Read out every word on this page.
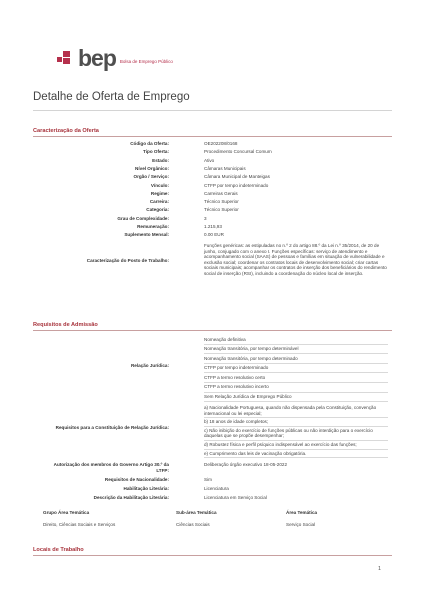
bep Bolsa de Emprego Público
Detalhe de Oferta de Emprego
Caracterização da Oferta
Código da Oferta:	OE202208/0168
Tipo Oferta:	Procedimento Concursal Comum
Estado:	Ativo
Nível Orgânico:	Câmaras Municipais
Orgão / Serviço:	Câmara Municipal de Manteigas
Vínculo:	CTFP por tempo indeterminado
Regime:	Carreiras Gerais
Carreira:	Técnico Superior
Categoria:	Técnico Superior
Grau de Complexidade:	3
Remuneração:	1.215,93
Suplemento Mensal:	0.00 EUR
Caracterização do Posto de Trabalho:
Funções genéricas: as estipuladas no n.º 2 do artigo 88.º da Lei n.º 35/2014, de 20 de junho, conjugado com o anexo I. Funções específicas: serviço de atendimento e acompanhamento social (SAAS) de pessoas e famílias em situação de vulnerabilidade e exclusão social; coordenar os contratos locais de desenvolvimento social; criar cartas sociais municipais; acompanhar os contratos de inserção dos beneficiários do rendimento social de inserção (RSI), incluindo a coordenação do núcleo local de inserção.
Requisitos de Admissão
Relação Jurídica:
Nomeação definitiva
Nomeação transitória, por tempo determinável
Nomeação transitória, por tempo determinado
CTFP por tempo indeterminado
CTFP a termo resolutivo certo
CTFP a termo resolutivo incerto
Sem Relação Jurídica de Emprego Público
Requisitos para a Constituição de Relação Jurídica:
a) Nacionalidade Portuguesa, quando não dispensada pela Constituição, convenção internacional ou lei especial;
b) 18 anos de idade completos;
c) Não inibição do exercício de funções públicas ou não interdição para o exercício daquelas que se propõe desempenhar;
d) Robustez física e perfil psíquico indispensável ao exercício das funções;
e) Cumprimento das leis de vacinação obrigatória.
Autorização dos membros do Governo Artigo 30.º da LTFP:
Deliberação órgão executivo 18-05-2022
Requisitos de Nacionalidade:	Sim
Habilitação Literária:	Licenciatura
Descrição da Habilitação Literária:	Licenciatura em Serviço Social
Grupo Área Temática	Sub-área Temática	Área Temática
Direito, Ciências Sociais e Serviços	Ciências Sociais	Serviço Social
Locais de Trabalho
1
